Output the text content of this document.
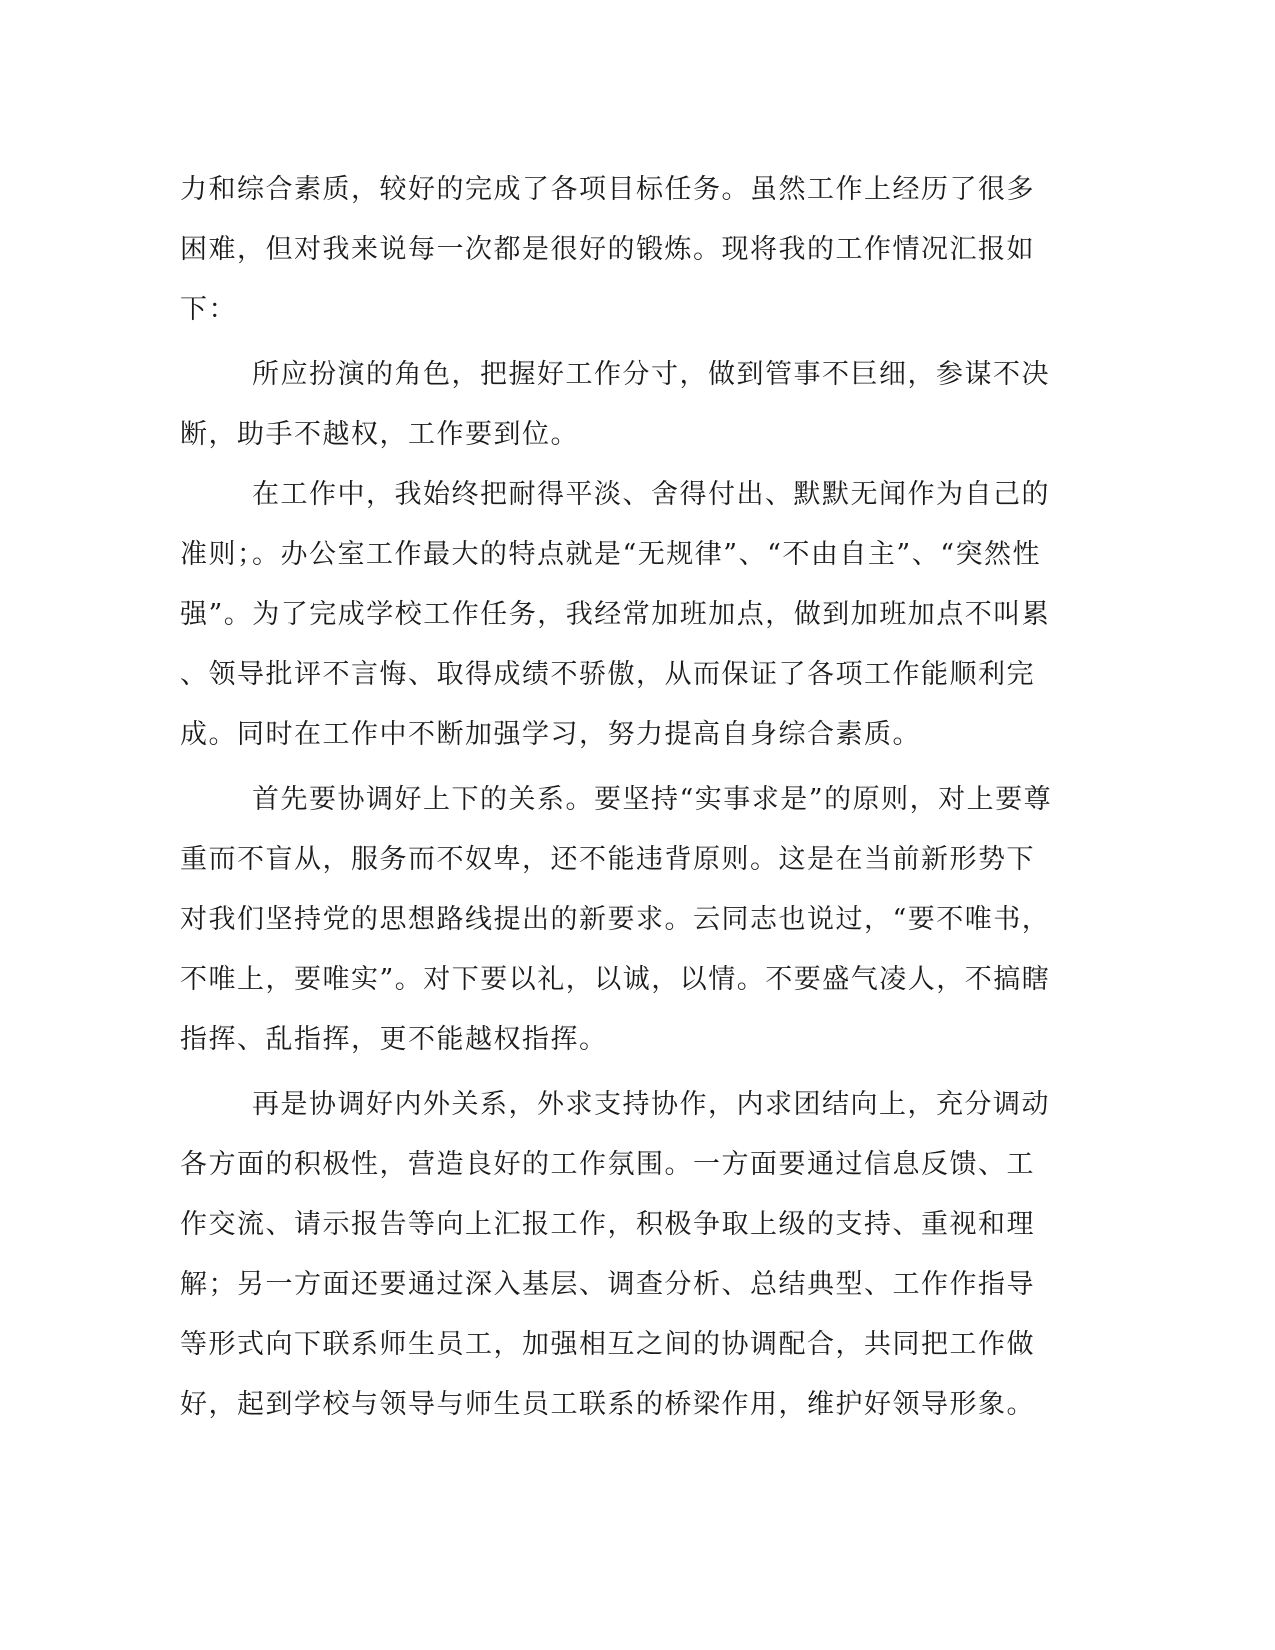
力和综合素质，较好的完成了各项目标任务。虽然工作上经历了很多
困难，但对我来说每一次都是很好的锻炼。现将我的工作情况汇报如
下：
所应扮演的角色，把握好工作分寸，做到管事不巨细，参谋不决
断，助手不越权，工作要到位。
在工作中，我始终把耐得平淡、舍得付出、默默无闻作为自己的
准则；。办公室工作最大的特点就是“无规律”、“不由自主”、“突然性
强”。为了完成学校工作任务，我经常加班加点，做到加班加点不叫累
、领导批评不言悔、取得成绩不骄傲，从而保证了各项工作能顺利完
成。同时在工作中不断加强学习，努力提高自身综合素质。
首先要协调好上下的关系。要坚持“实事求是”的原则，对上要尊
重而不盲从，服务而不奴卑，还不能违背原则。这是在当前新形势下
对我们坚持党的思想路线提出的新要求。云同志也说过，“要不唯书，
不唯上，要唯实”。对下要以礼，以诚，以情。不要盛气凌人，不搞瞎
指挥、乱指挥，更不能越权指挥。
再是协调好内外关系，外求支持协作，内求团结向上，充分调动
各方面的积极性，营造良好的工作氛围。一方面要通过信息反馈、工
作交流、请示报告等向上汇报工作，积极争取上级的支持、重视和理
解；另一方面还要通过深入基层、调查分析、总结典型、工作作指导
等形式向下联系师生员工，加强相互之间的协调配合，共同把工作做
好，起到学校与领导与师生员工联系的桥梁作用，维护好领导形象。
